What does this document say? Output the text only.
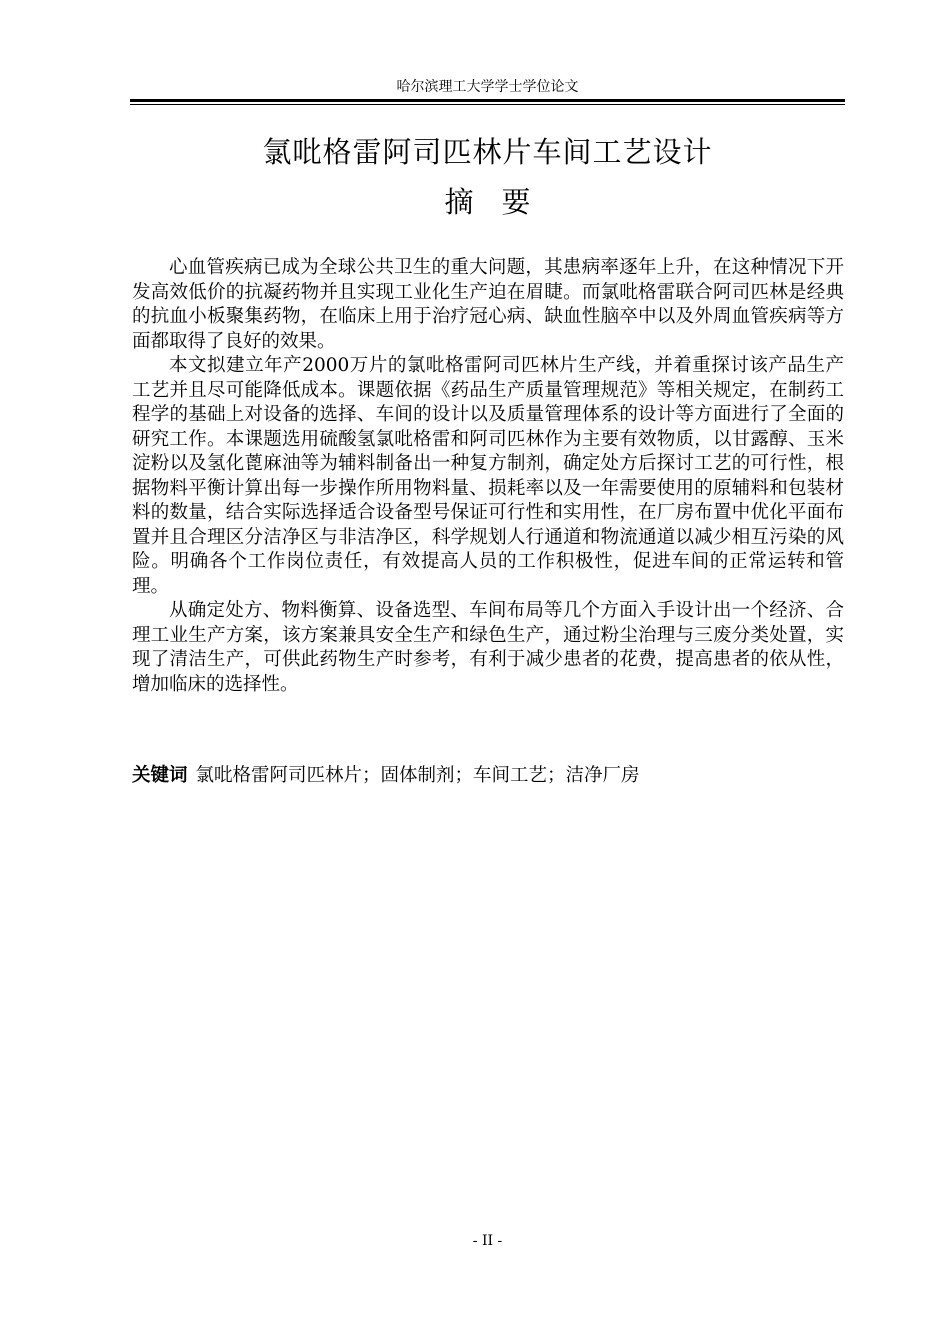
哈尔滨理工大学学士学位论文
氯吡格雷阿司匹林片车间工艺设计
摘要

心血管疾病已成为全球公共卫生的重大问题，其患病率逐年上升，在这种情况下开发高效低价的抗凝药物并且实现工业化生产迫在眉睫。而氯吡格雷联合阿司匹林是经典的抗血小板聚集药物，在临床上用于治疗冠心病、缺血性脑卒中以及外周血管疾病等方面都取得了良好的效果。

本文拟建立年产2000万片的氯吡格雷阿司匹林片生产线，并着重探讨该产品生产工艺并且尽可能降低成本。课题依据《药品生产质量管理规范》等相关规定，在制药工程学的基础上对设备的选择、车间的设计以及质量管理体系的设计等方面进行了全面的研究工作。本课题选用硫酸氢氯吡格雷和阿司匹林作为主要有效物质，以甘露醇、玉米淀粉以及氢化蓖麻油等为辅料制备出一种复方制剂，确定处方后探讨工艺的可行性，根据物料平衡计算出每一步操作所用物料量、损耗率以及一年需要使用的原辅料和包装材料的数量，结合实际选择适合设备型号保证可行性和实用性，在厂房布置中优化平面布置并且合理区分洁净区与非洁净区，科学规划人行通道和物流通道以减少相互污染的风险。明确各个工作岗位责任，有效提高人员的工作积极性，促进车间的正常运转和管理。

从确定处方、物料衡算、设备选型、车间布局等几个方面入手设计出一个经济、合理工业生产方案，该方案兼具安全生产和绿色生产，通过粉尘治理与三废分类处置，实现了清洁生产，可供此药物生产时参考，有利于减少患者的花费，提高患者的依从性，增加临床的选择性。

关键词 氯吡格雷阿司匹林片；固体制剂；车间工艺；洁净厂房
- II -
